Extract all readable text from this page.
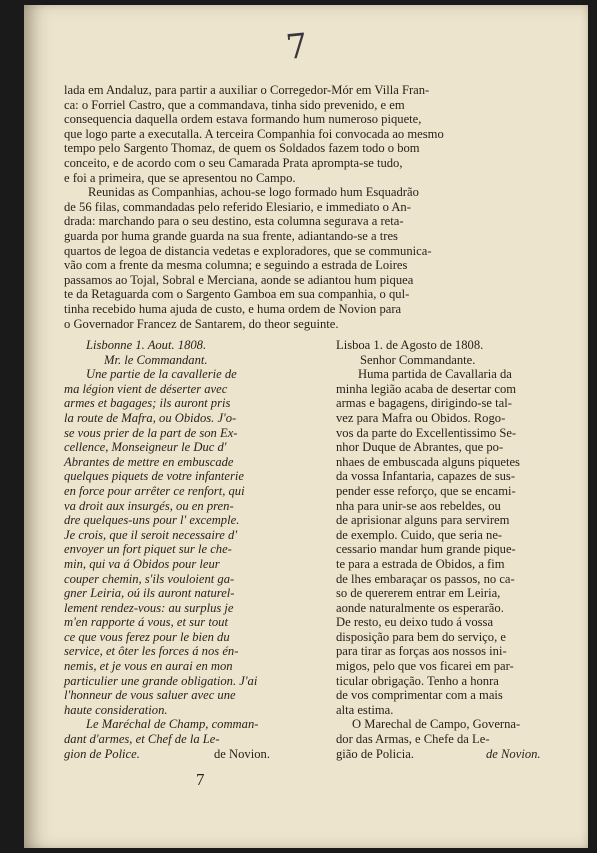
7
lada em Andaluz, para partir a auxiliar o Corregedor-Mór em Villa Fran-
ca: o Forriel Castro, que a commandava, tinha sido prevenido, e em
consequencia daquella ordem estava formando hum numeroso piquete,
que logo parte a executalla. A terceira Companhia foi convocada ao mesmo
tempo pelo Sargento Thomaz, de quem os Soldados fazem todo o bom
conceito, e de acordo com o seu Camarada Prata aprompta-se tudo,
e foi a primeira, que se apresentou no Campo.
Reunidas as Companhias, achou-se logo formado hum Esquadrão
de 56 filas, commandadas pelo referido Elesiario, e immediato o An-
drada: marchando para o seu destino, esta columna segurava a reta-
guarda por huma grande guarda na sua frente, adiantando-se a tres
quartos de legoa de distancia vedetas e exploradores, que se communica-
vão com a frente da mesma columna; e seguindo a estrada de Loires
passamos ao Tojal, Sobral e Merciana, aonde se adiantou hum piquea
te da Retaguarda com o Sargento Gamboa em sua companhia, o qul-
tinha recebido huma ajuda de custo, e huma ordem de Novion para
o Governador Francez de Santarem, do theor seguinte.
Lisbonne 1. Aout. 1808.
Mr. le Commandant.
Une partie de la cavallerie de
ma légion vient de déserter avec
armes et bagages; ils auront pris
la route de Mafra, ou Obidos. J'o-
se vous prier de la part de son Ex-
cellence, Monseigneur le Duc d'
Abrantes de mettre en embuscade
quelques piquets de votre infanterie
en force pour arrêter ce renfort, qui
va droit aux insurgés, ou en pren-
dre quelques-uns pour l' excemple.
Je crois, que il seroit necessaire d'
envoyer un fort piquet sur le che-
min, qui va á Obidos pour leur
couper chemin, s'ils vouloient ga-
gner Leiria, oú ils auront naturel-
lement rendez-vous: au surplus je
m'en rapporte á vous, et sur tout
ce que vous ferez pour le bien du
service, et ôter les forces á nos én-
nemis, et je vous en aurai en mon
particulier une grande obligation. J'ai
l'honneur de vous saluer avec une
haute consideration.
Le Maréchal de Champ, comman-
dant d'armes, et Chef de la Le-
gion de Police.	de Novion.
Lisboa 1. de Agosto de 1808.
Senhor Commandante.
Huma partida de Cavallaria da
minha legião acaba de desertar com
armas e bagagens, dirigindo-se tal-
vez para Mafra ou Obidos. Rogo-
vos da parte do Excellentissimo Se-
nhor Duque de Abrantes, que po-
nhaes de embuscada alguns piquetes
da vossa Infantaria, capazes de sus-
pender esse reforço, que se encami-
nha para unir-se aos rebeldes, ou
de aprisionar alguns para servirem
de exemplo. Cuido, que seria ne-
cessario mandar hum grande pique-
te para a estrada de Obidos, a fim
de lhes embaraçar os passos, no ca-
so de quererem entrar em Leiria,
aonde naturalmente os esperarão.
De resto, eu deixo tudo á vossa
disposição para bem do serviço, e
para tirar as forças aos nossos ini-
migos, pelo que vos ficarei em par-
ticular obrigação. Tenho a honra
de vos comprimentar com a mais
alta estima.
O Marechal de Campo, Governa-
dor das Armas, e Chefe da Le-
gião de Policia.	de Novion.
7
